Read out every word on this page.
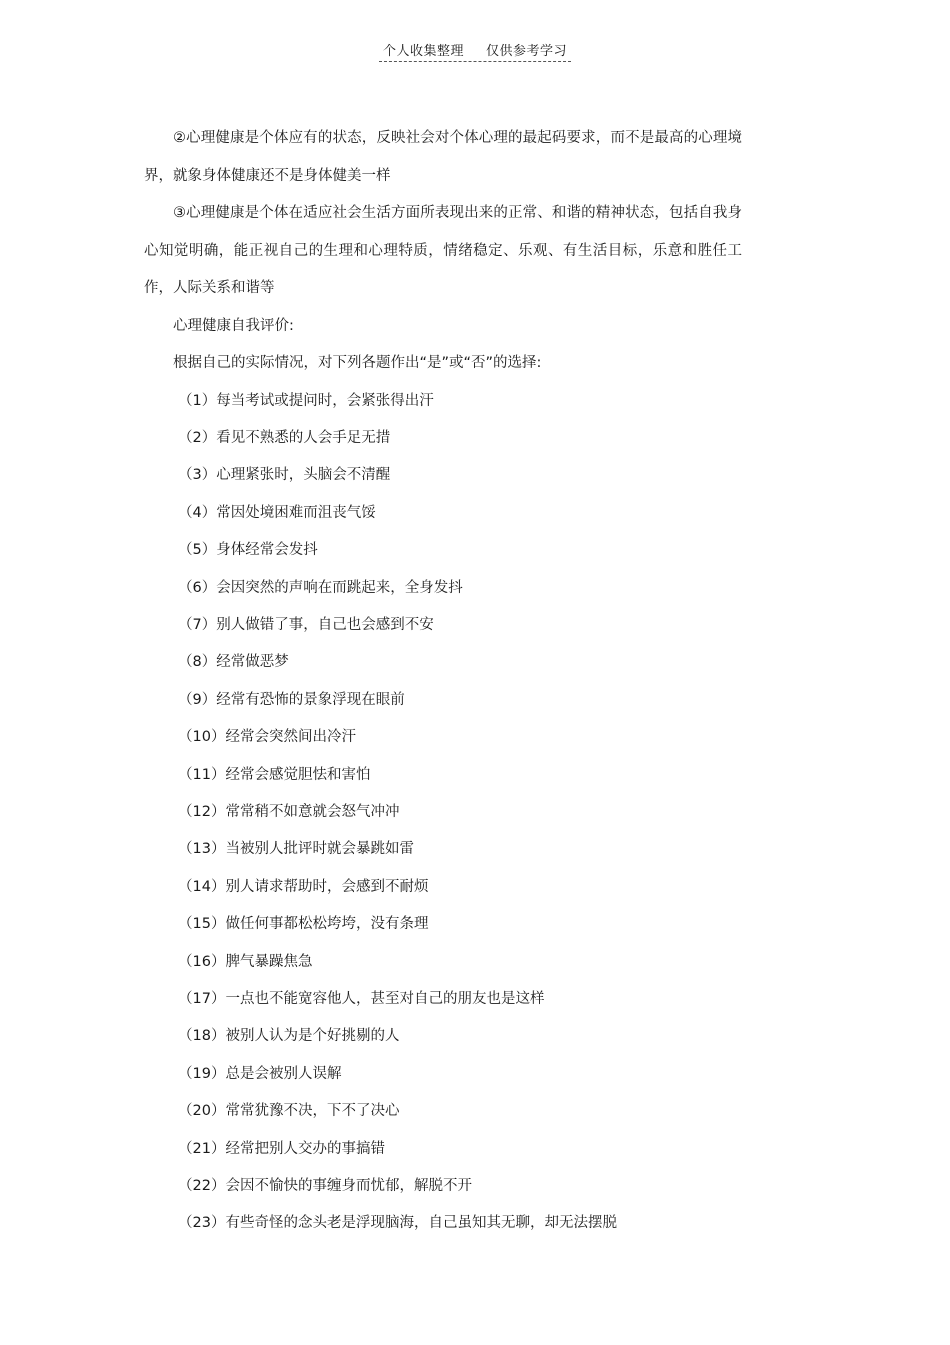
个人收集整理 仅供参考学习

②心理健康是个体应有的状态，反映社会对个体心理的最起码要求，而不是最高的心理境界，就象身体健康还不是身体健美一样

③心理健康是个体在适应社会生活方面所表现出来的正常、和谐的精神状态，包括自我身心知觉明确，能正视自己的生理和心理特质，情绪稳定、乐观、有生活目标，乐意和胜任工作，人际关系和谐等

心理健康自我评价:

根据自己的实际情况，对下列各题作出“是”或“否”的选择:

（1）每当考试或提问时，会紧张得出汗
（2）看见不熟悉的人会手足无措
（3）心理紧张时，头脑会不清醒
（4）常因处境困难而沮丧气馁
（5）身体经常会发抖
（6）会因突然的声响在而跳起来，全身发抖
（7）别人做错了事，自己也会感到不安
（8）经常做恶梦
（9）经常有恐怖的景象浮现在眼前
（10）经常会突然间出冷汗
（11）经常会感觉胆怯和害怕
（12）常常稍不如意就会怒气冲冲
（13）当被别人批评时就会暴跳如雷
（14）别人请求帮助时，会感到不耐烦
（15）做任何事都松松垮垮，没有条理
（16）脾气暴躁焦急
（17）一点也不能宽容他人，甚至对自己的朋友也是这样
（18）被别人认为是个好挑剔的人
（19）总是会被别人误解
（20）常常犹豫不决，下不了决心
（21）经常把别人交办的事搞错
（22）会因不愉快的事缠身而忧郁，解脱不开
（23）有些奇怪的念头老是浮现脑海，自己虽知其无聊，却无法摆脱
